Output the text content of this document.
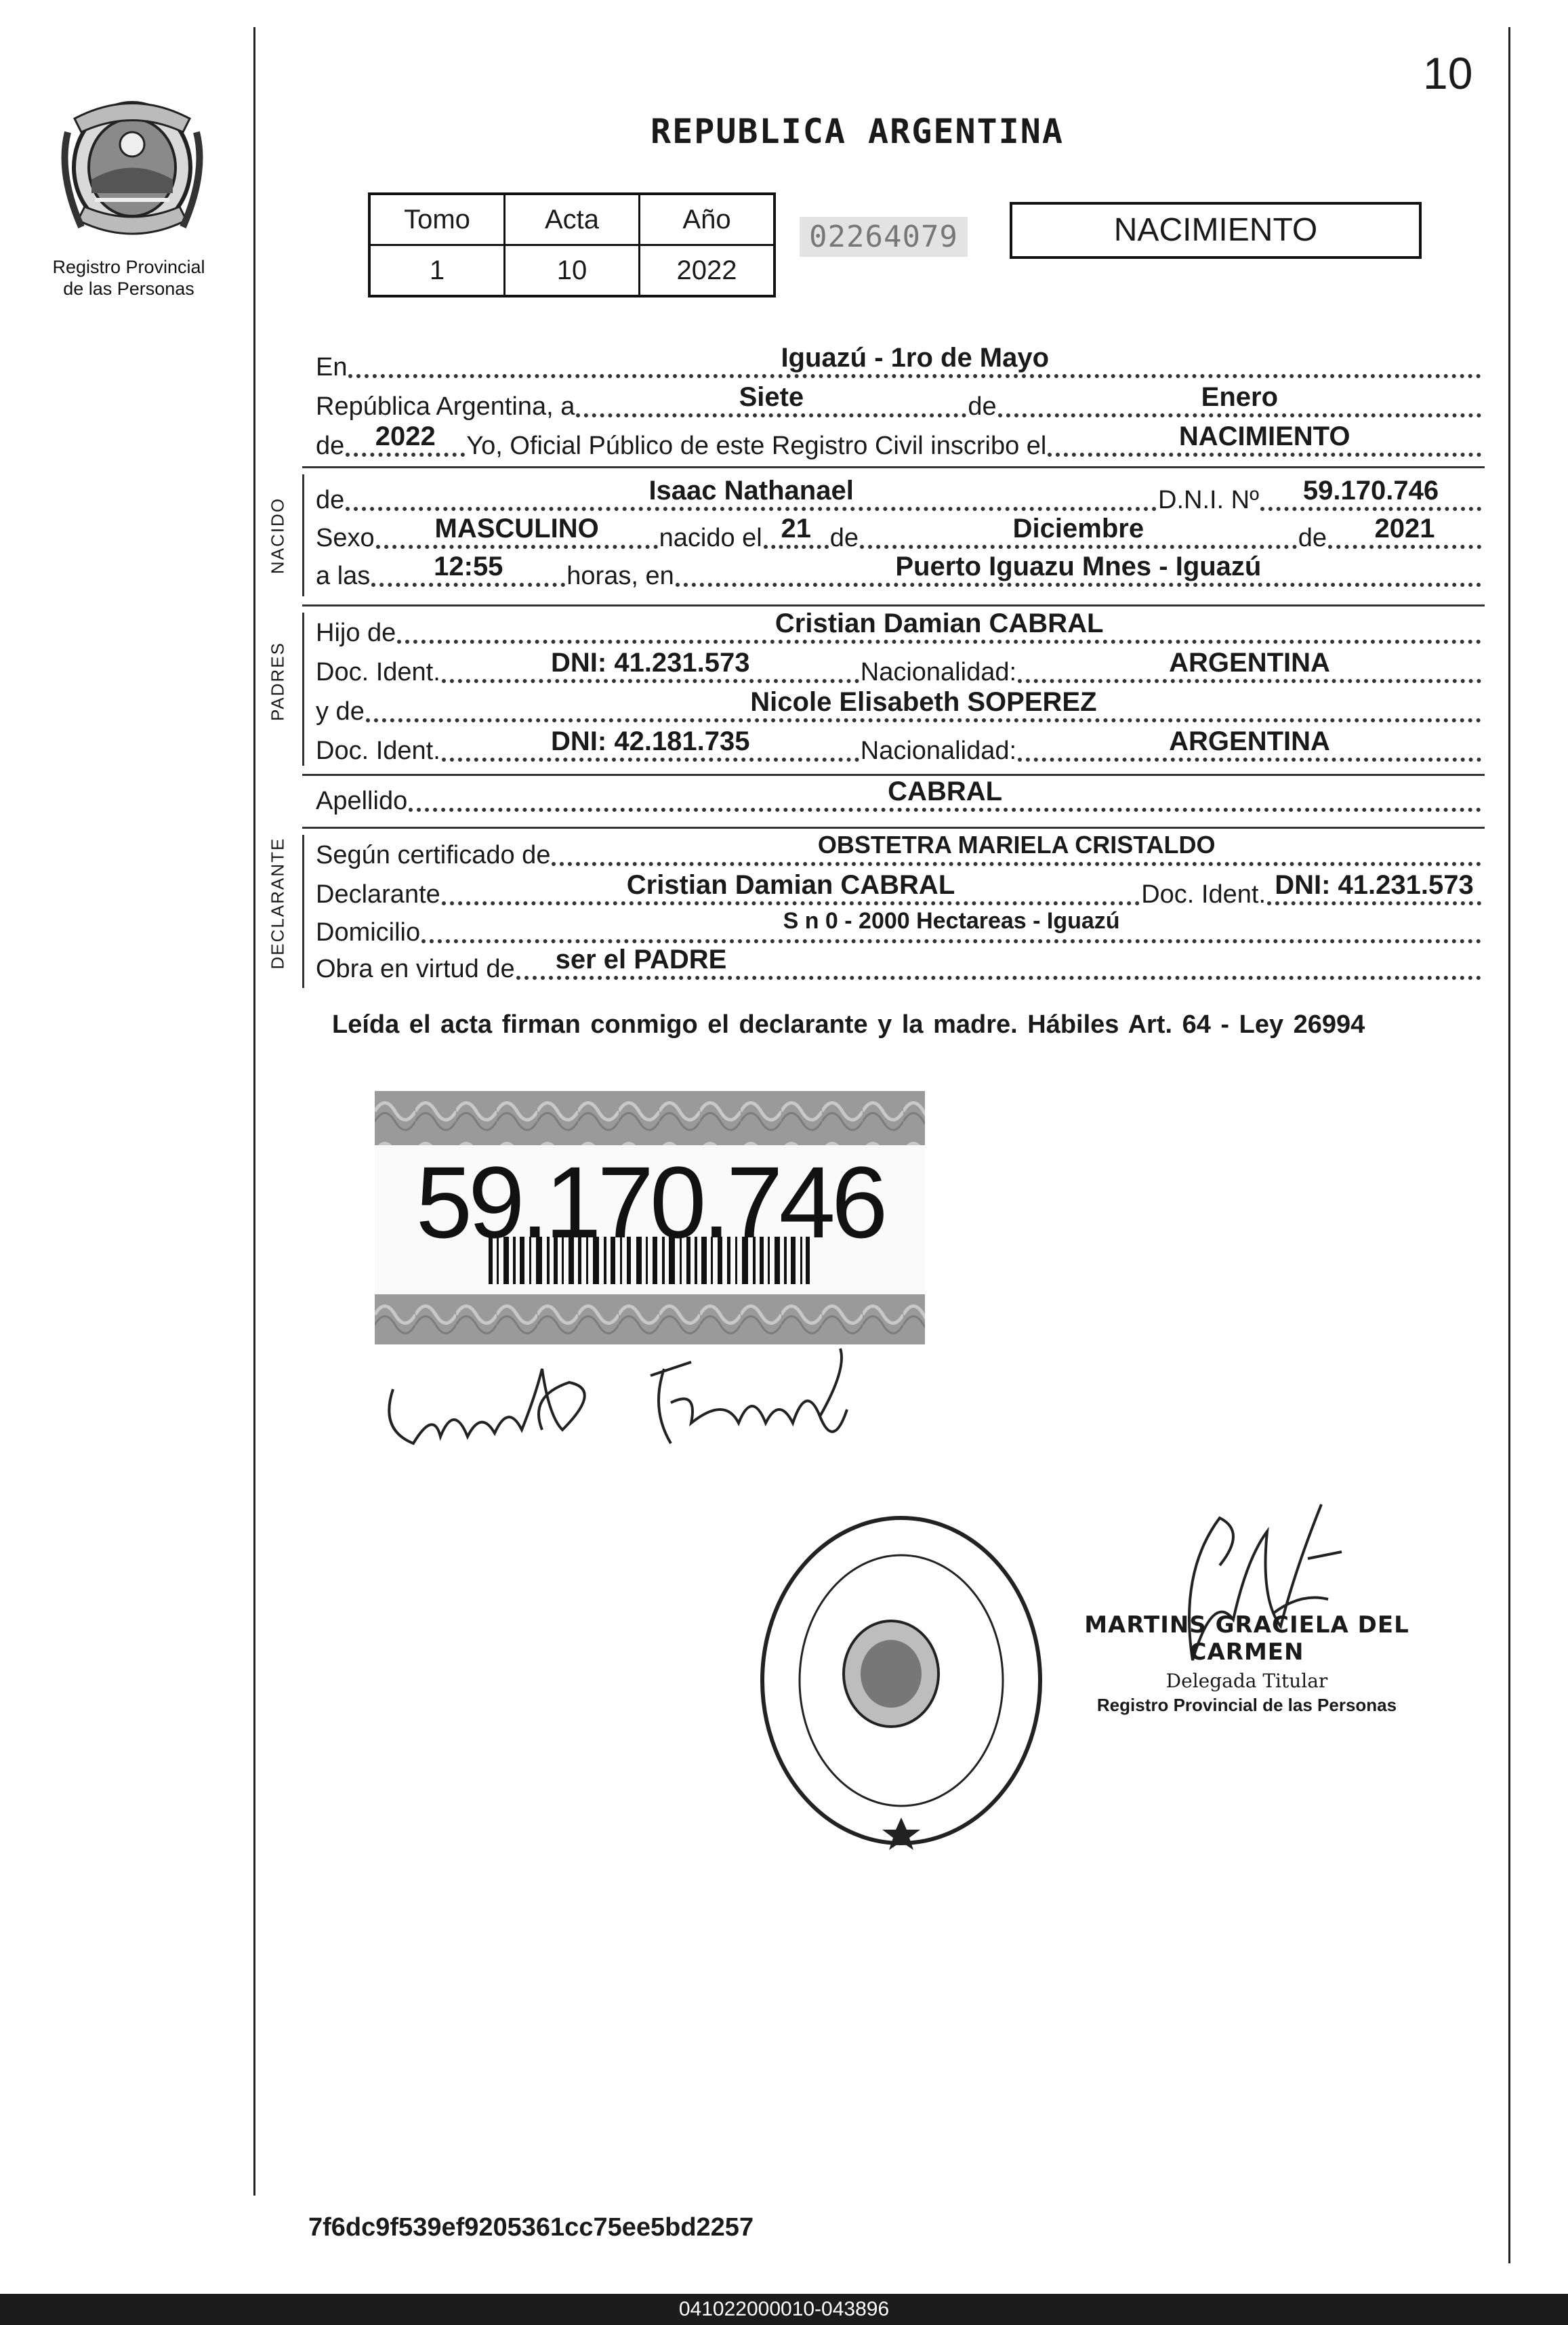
Registro Provincial
de las Personas
10
REPUBLICA ARGENTINA
Tomo	Acta	Año
1	10	2022
02264079	NACIMIENTO
En	Iguazú - 1ro de Mayo
República Argentina, a	Siete	de	Enero
de	2022	Yo, Oficial Público de este Registro Civil inscribo el	NACIMIENTO
NACIDO de	Isaac Nathanael	D.N.I. Nº	59.170.746
Sexo	MASCULINO	nacido el 21 de	Diciembre	de	2021
a las	12:55	horas, en	Puerto Iguazu Mnes - Iguazú
PADRES
Hijo de	Cristian Damian CABRAL
Doc. Ident.	DNI: 41.231.573	Nacionalidad:	ARGENTINA
y de	Nicole Elisabeth SOPEREZ
Doc. Ident.	DNI: 42.181.735	Nacionalidad:	ARGENTINA
Apellido	CABRAL
DECLARANTE Según certificado de	OBSTETRA MARIELA CRISTALDO
Declarante	Cristian Damian CABRAL	Doc. Ident. DNI: 41.231.573
Domicilio	S n 0 - 2000 Hectareas - Iguazú
Obra en virtud de ser el PADRE
Leída el acta firman conmigo el declarante y la madre. Hábiles Art. 64 - Ley 26994
59.170.746
MARTINS GRACIELA DEL CARMEN
Delegada Titular
Registro Provincial de las Personas
7f6dc9f539ef9205361cc75ee5bd2257
041022000010-043896
